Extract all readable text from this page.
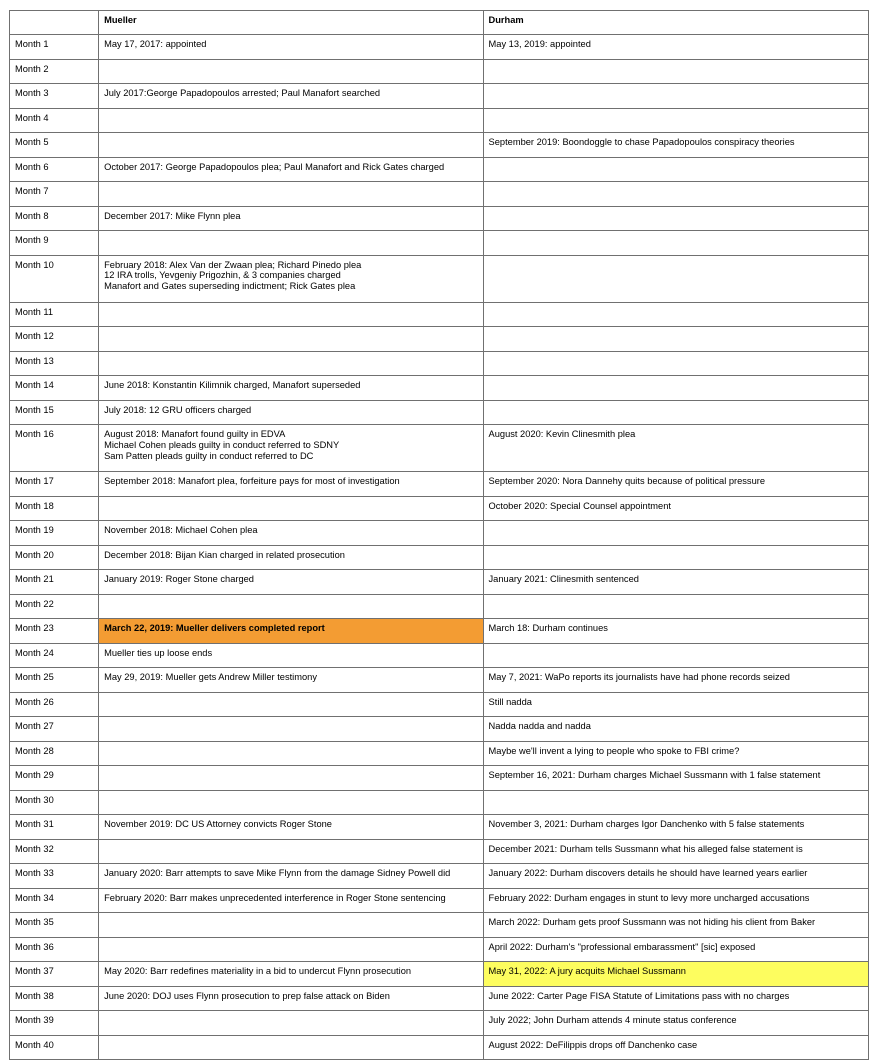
	Mueller	Durham
Month 1	May 17, 2017: appointed	May 13, 2019: appointed
Month 2		
Month 3	July 2017:George Papadopoulos arrested; Paul Manafort searched	
Month 4		
Month 5		September 2019: Boondoggle to chase Papadopoulos conspiracy theories
Month 6	October 2017: George Papadopoulos plea; Paul Manafort and Rick Gates charged	
Month 7		
Month 8	December 2017: Mike Flynn plea	
Month 9		
Month 10	February 2018: Alex Van der Zwaan plea; Richard Pinedo plea
12 IRA trolls, Yevgeniy Prigozhin, & 3 companies charged
Manafort and Gates superseding indictment; Rick Gates plea	
Month 11		
Month 12		
Month 13		
Month 14	June 2018: Konstantin Kilimnik charged, Manafort superseded	
Month 15	July 2018: 12 GRU officers charged	
Month 16	August 2018: Manafort found guilty in EDVA
Michael Cohen pleads guilty in conduct referred to SDNY
Sam Patten pleads guilty in conduct referred to DC	August 2020: Kevin Clinesmith plea
Month 17	September 2018: Manafort plea, forfeiture pays for most of investigation	September 2020: Nora Dannehy quits because of political pressure
Month 18		October 2020: Special Counsel appointment
Month 19	November 2018: Michael Cohen plea	
Month 20	December 2018: Bijan Kian charged in related prosecution	
Month 21	January 2019: Roger Stone charged	January 2021: Clinesmith sentenced
Month 22		
Month 23	March 22, 2019: Mueller delivers completed report	March 18: Durham continues
Month 24	Mueller ties up loose ends	
Month 25	May 29, 2019: Mueller gets Andrew Miller testimony	May 7, 2021: WaPo reports its journalists have had phone records seized
Month 26		Still nadda
Month 27		Nadda nadda and nadda
Month 28		Maybe we'll invent a lying to people who spoke to FBI crime?
Month 29		September 16, 2021: Durham charges Michael Sussmann with 1 false statement
Month 30		
Month 31	November 2019: DC US Attorney convicts Roger Stone	November 3, 2021: Durham charges Igor Danchenko with 5 false statements
Month 32		December 2021: Durham tells Sussmann what his alleged false statement is
Month 33	January 2020: Barr attempts to save Mike Flynn from the damage Sidney Powell did	January 2022: Durham discovers details he should have learned years earlier
Month 34	February 2020: Barr makes unprecedented interference in Roger Stone sentencing	February 2022: Durham engages in stunt to levy more uncharged accusations
Month 35		March 2022: Durham gets proof Sussmann was not hiding his client from Baker
Month 36		April 2022: Durham's "professional embarassment" [sic] exposed
Month 37	May 2020: Barr redefines materiality in a bid to undercut Flynn prosecution	May 31, 2022: A jury acquits Michael Sussmann
Month 38	June 2020: DOJ uses Flynn prosecution to prep false attack on Biden	June 2022: Carter Page FISA Statute of Limitations pass with no charges
Month 39		July 2022; John Durham attends 4 minute status conference
Month 40		August 2022: DeFilippis drops off Danchenko case
